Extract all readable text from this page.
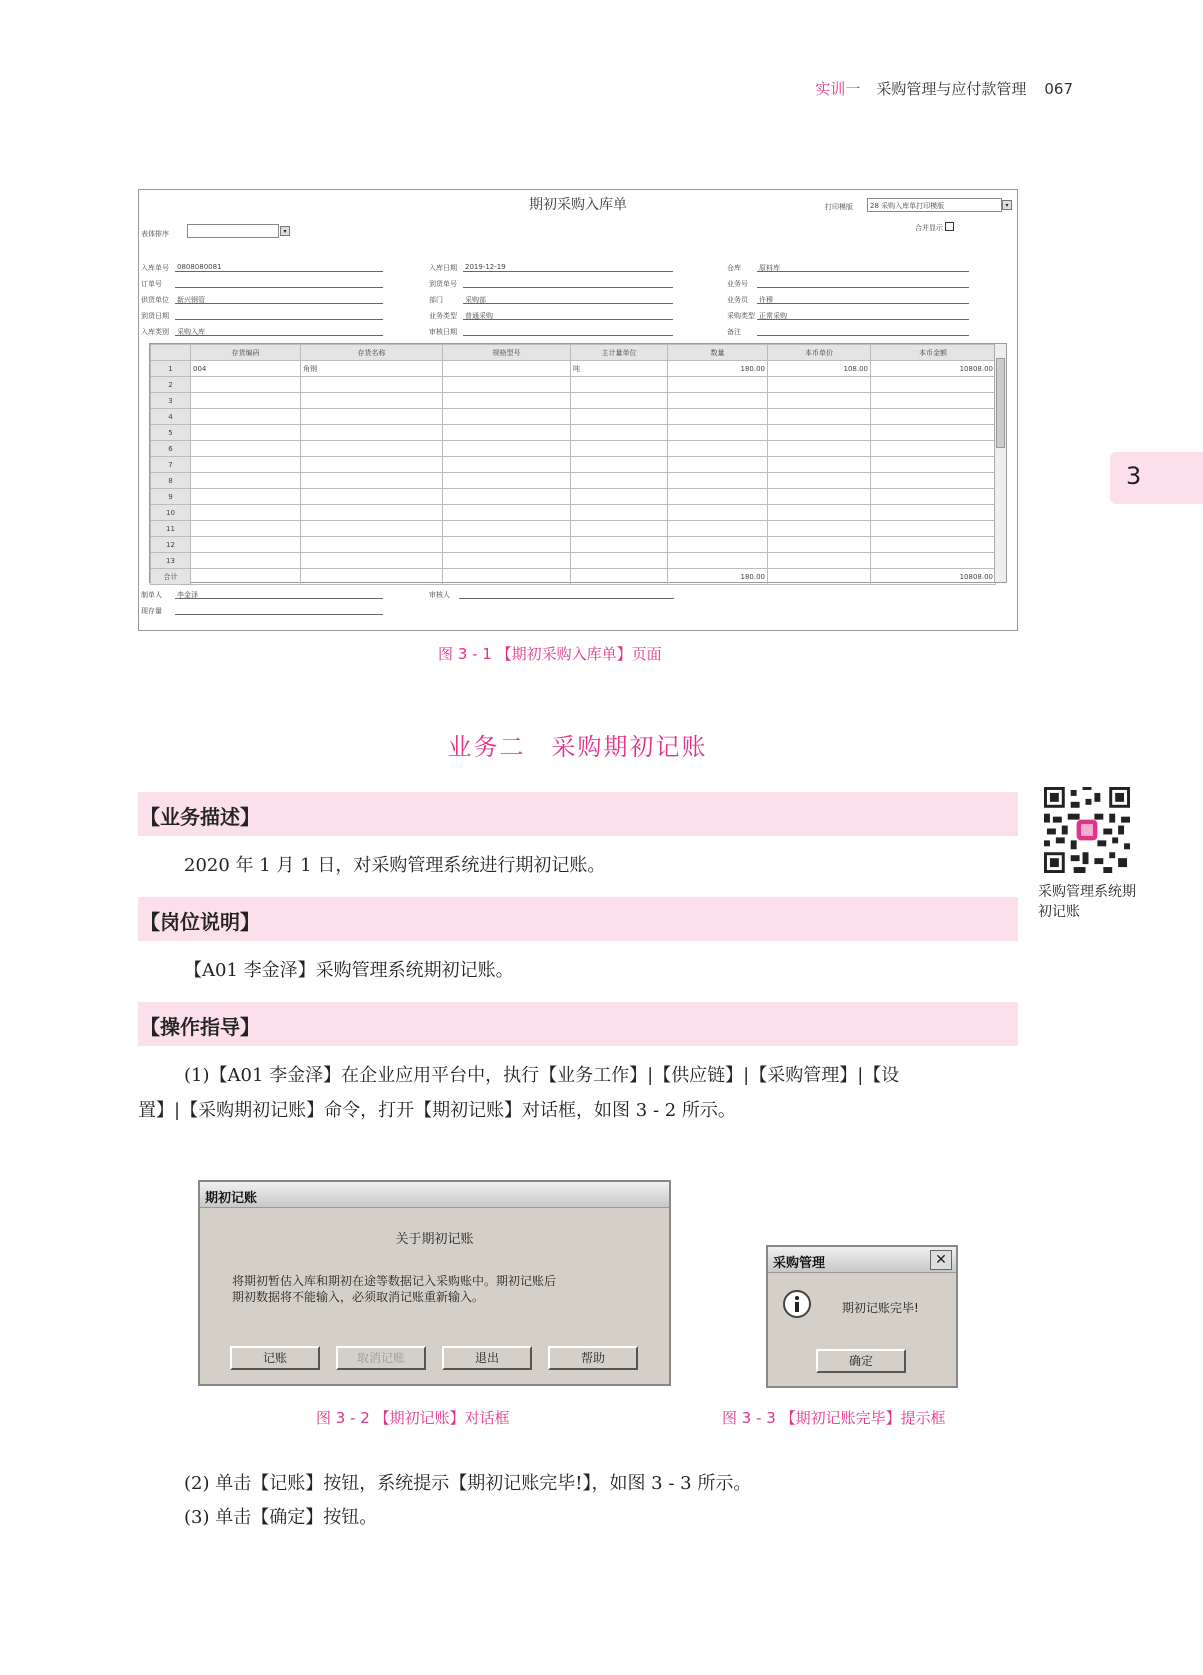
实训一 采购管理与应付款管理 067
3
期初采购入库单	打印模版 28 采购入库单打印模版	▾
合并显示
表体排序	▾
入库单号 0808080081
订单号
供货单位 新兴钢管
到货日期
入库类别 采购入库
入库日期 2019-12-19
到货单号
部门	采购部
业务类型 普通采购
审核日期
仓库	原料库
业务号
业务员 许穆
采购类型 正常采购
备注
	存货编码	存货名称	规格型号	主计量单位	数量	本币单价	本币金额
1	004	角钢		吨	180.00	108.00	10808.00
2							
3							
4							
5							
6							
7							
8							
9							
10							
11							
12							
13							
合计					180.00		10808.00
制单人 李金泽	审核人
现存量
图 3 - 1 【期初采购入库单】页面
业务二　采购期初记账
【业务描述】
2020 年 1 月 1 日，对采购管理系统进行期初记账。
【岗位说明】
【A01 李金泽】采购管理系统期初记账。
【操作指导】
(1)【A01 李金泽】在企业应用平台中，执行【业务工作】|【供应链】|【采购管理】|【设
置】|【采购期初记账】命令，打开【期初记账】对话框，如图 3 - 2 所示。
采购管理系统期初记账
期初记账
关于期初记账
将期初暂估入库和期初在途等数据记入采购账中。期初记账后
期初数据将不能输入，必须取消记账重新输入。
记账	取消记账	退出	帮助
采购管理	✕
期初记账完毕!
确定
图 3 - 2 【期初记账】对话框	图 3 - 3 【期初记账完毕】提示框
(2) 单击【记账】按钮，系统提示【期初记账完毕!】，如图 3 - 3 所示。
(3) 单击【确定】按钮。
